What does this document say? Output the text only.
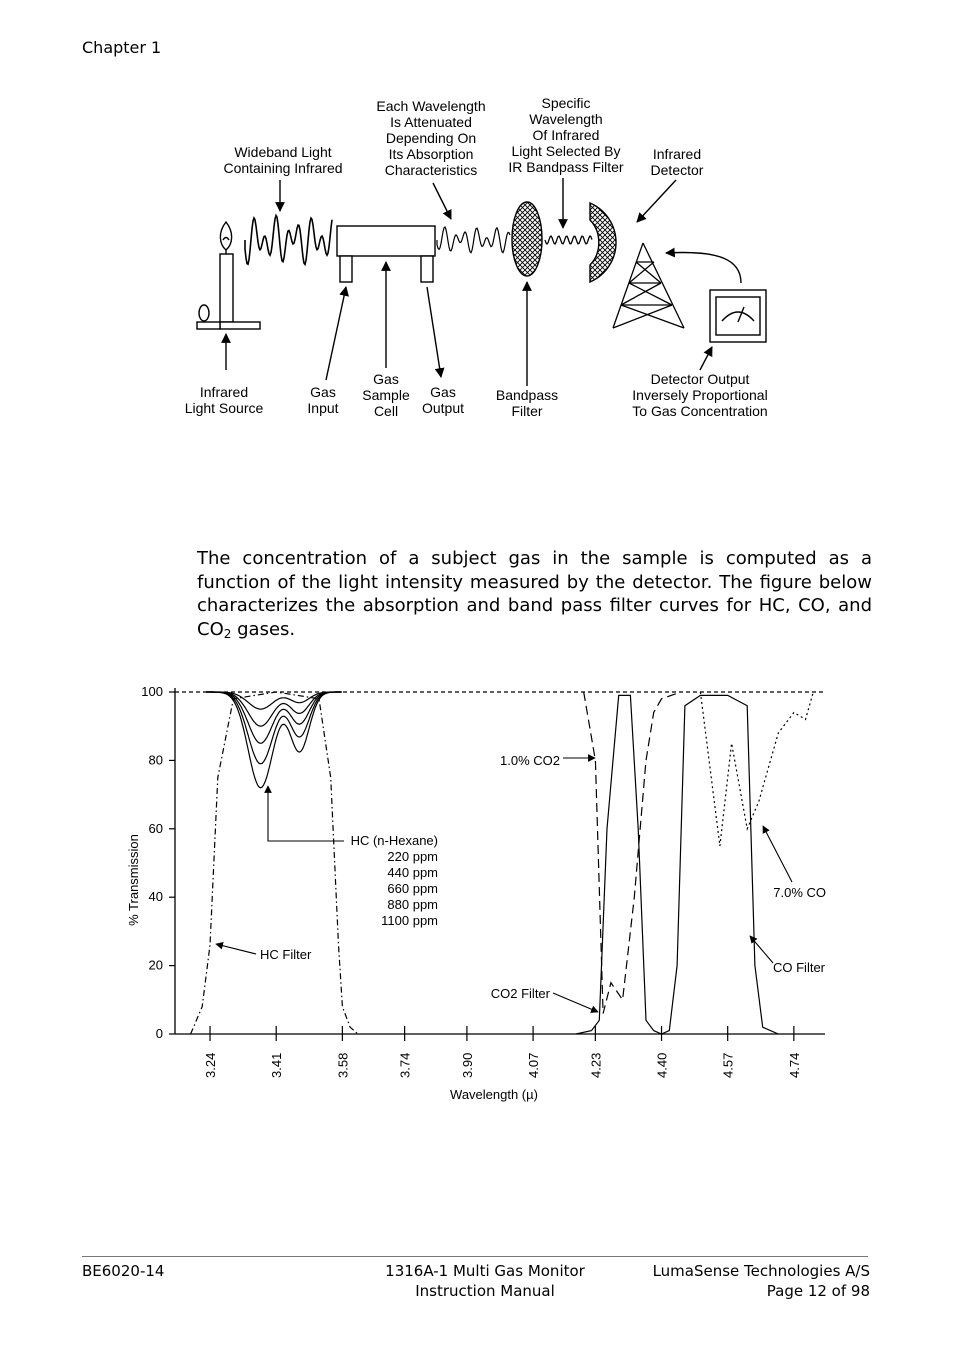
Chapter 1
Wideband Light Containing Infrared
Each Wavelength Is Attenuated Depending On Its Absorption Characteristics
Specific Wavelength Of Infrared Light Selected By IR Bandpass Filter
Infrared Detector
Infrared Light Source
Gas Input
Gas Sample Cell
Gas Output
Bandpass Filter
Detector Output Inversely Proportional To Gas Concentration
The concentration of a subject gas in the sample is computed as a function of the light intensity measured by the detector. The figure below characterizes the absorption and band pass filter curves for HC, CO, and $CO_2$ gases.
0
20
40
60
80
100
3.24	3.41	3.58	3.74	3.90	4.07	4.23	4.40	4.57	4.74
1.0% CO2
HC (n-Hexane)
220 ppm
440 ppm
660 ppm
880 ppm
1100 ppm
7.0% CO
HC Filter
CO Filter
CO2 Filter
% Transmission
Wavelength (µ)
BE6020-14	1316A-1 Multi Gas Monitor
Instruction Manual
LumaSense Technologies A/S
Page 12 of 98
